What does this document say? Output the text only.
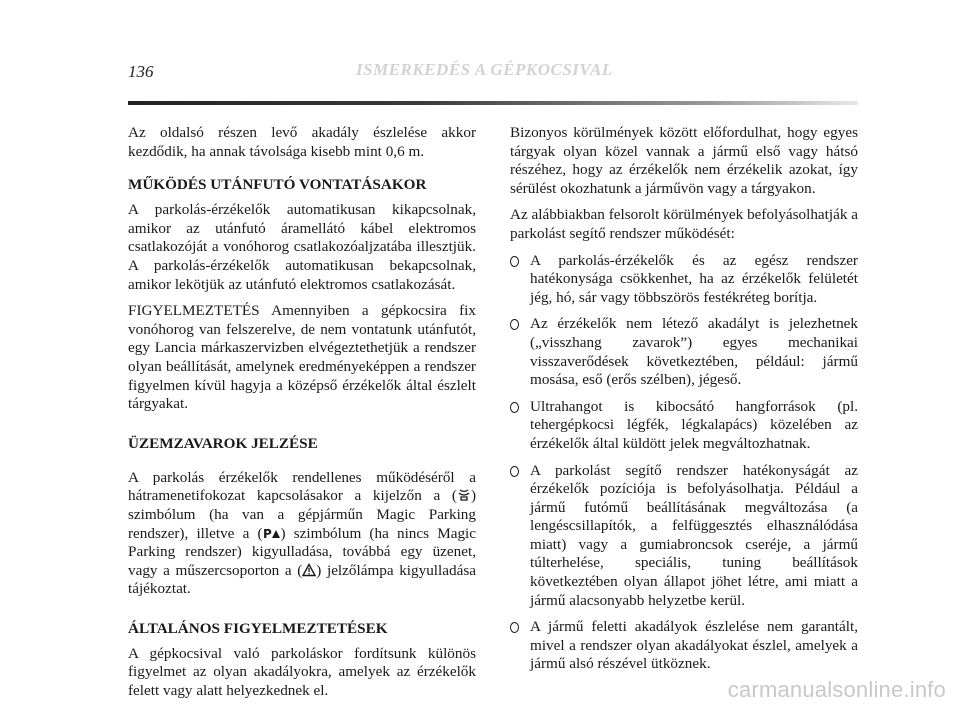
136	ISMERKEDÉS A GÉPKOCSIVAL

Az oldalsó részen levő akadály észlelése akkor kezdődik, ha annak távolsága kisebb mint 0,6 m.

MŰKÖDÉS UTÁNFUTÓ VONTATÁSAKOR

A parkolás-érzékelők automatikusan kikapcsolnak, amikor az utánfutó áramellátó kábel elektromos csatlakozóját a vonóhorog csatlakozóaljzatába illesztjük. A parkolás-érzékelők automatikusan bekapcsolnak, amikor lekötjük az utánfutó elektromos csatlakozását.

FIGYELMEZTETÉS Amennyiben a gépkocsira fix vonóhorog van felszerelve, de nem vontatunk utánfutót, egy Lancia márkaszervizben elvégeztethetjük a rendszer olyan beállítását, amelynek eredményeképpen a rendszer figyelmen kívül hagyja a középső érzékelők által észlelt tárgyakat.

ÜZEMZAVAROK JELZÉSE

A parkolás érzékelők rendellenes működéséről a hátramenetifokozat kapcsolásakor a kijelzőn a ( ) szimbólum (ha van a gépjárműn Magic Parking rendszer), illetve a ( P ) szimbólum (ha nincs Magic Parking rendszer) kigyulladása, továbbá egy üzenet, vagy a műszercsoporton a ( ) jelzőlámpa kigyulladása tájékoztat.

ÁLTALÁNOS FIGYELMEZTETÉSEK

A gépkocsival való parkoláskor fordítsunk különös figyelmet az olyan akadályokra, amelyek az érzékelők felett vagy alatt helyezkednek el.

Bizonyos körülmények között előfordulhat, hogy egyes tárgyak olyan közel vannak a jármű első vagy hátsó részéhez, hogy az érzékelők nem érzékelik azokat, így sérülést okozhatunk a járművön vagy a tárgyakon.

Az alábbiakban felsorolt körülmények befolyásolhatják a parkolást segítő rendszer működését:

A parkolás-érzékelők és az egész rendszer hatékonysága csökkenhet, ha az érzékelők felületét jég, hó, sár vagy többszörös festékréteg borítja.
Az érzékelők nem létező akadályt is jelezhetnek („visszhang zavarok”) egyes mechanikai visszaverődések következtében, például: jármű mosása, eső (erős szélben), jégeső.
Ultrahangot is kibocsátó hangforrások (pl. tehergépkocsi légfék, légkalapács) közelében az érzékelők által küldött jelek megváltozhatnak.
A parkolást segítő rendszer hatékonyságát az érzékelők pozíciója is befolyásolhatja. Például a jármű futómű beállításának megváltozása (a lengéscsillapítók, a felfüggesztés elhasználódása miatt) vagy a gumiabroncsok cseréje, a jármű túlterhelése, speciális, tuning beállítások következtében olyan állapot jöhet létre, ami miatt a jármű alacsonyabb helyzetbe kerül.
A jármű feletti akadályok észlelése nem garantált, mivel a rendszer olyan akadályokat észlel, amelyek a jármű alsó részével ütköznek.
carmanualsonline.info
